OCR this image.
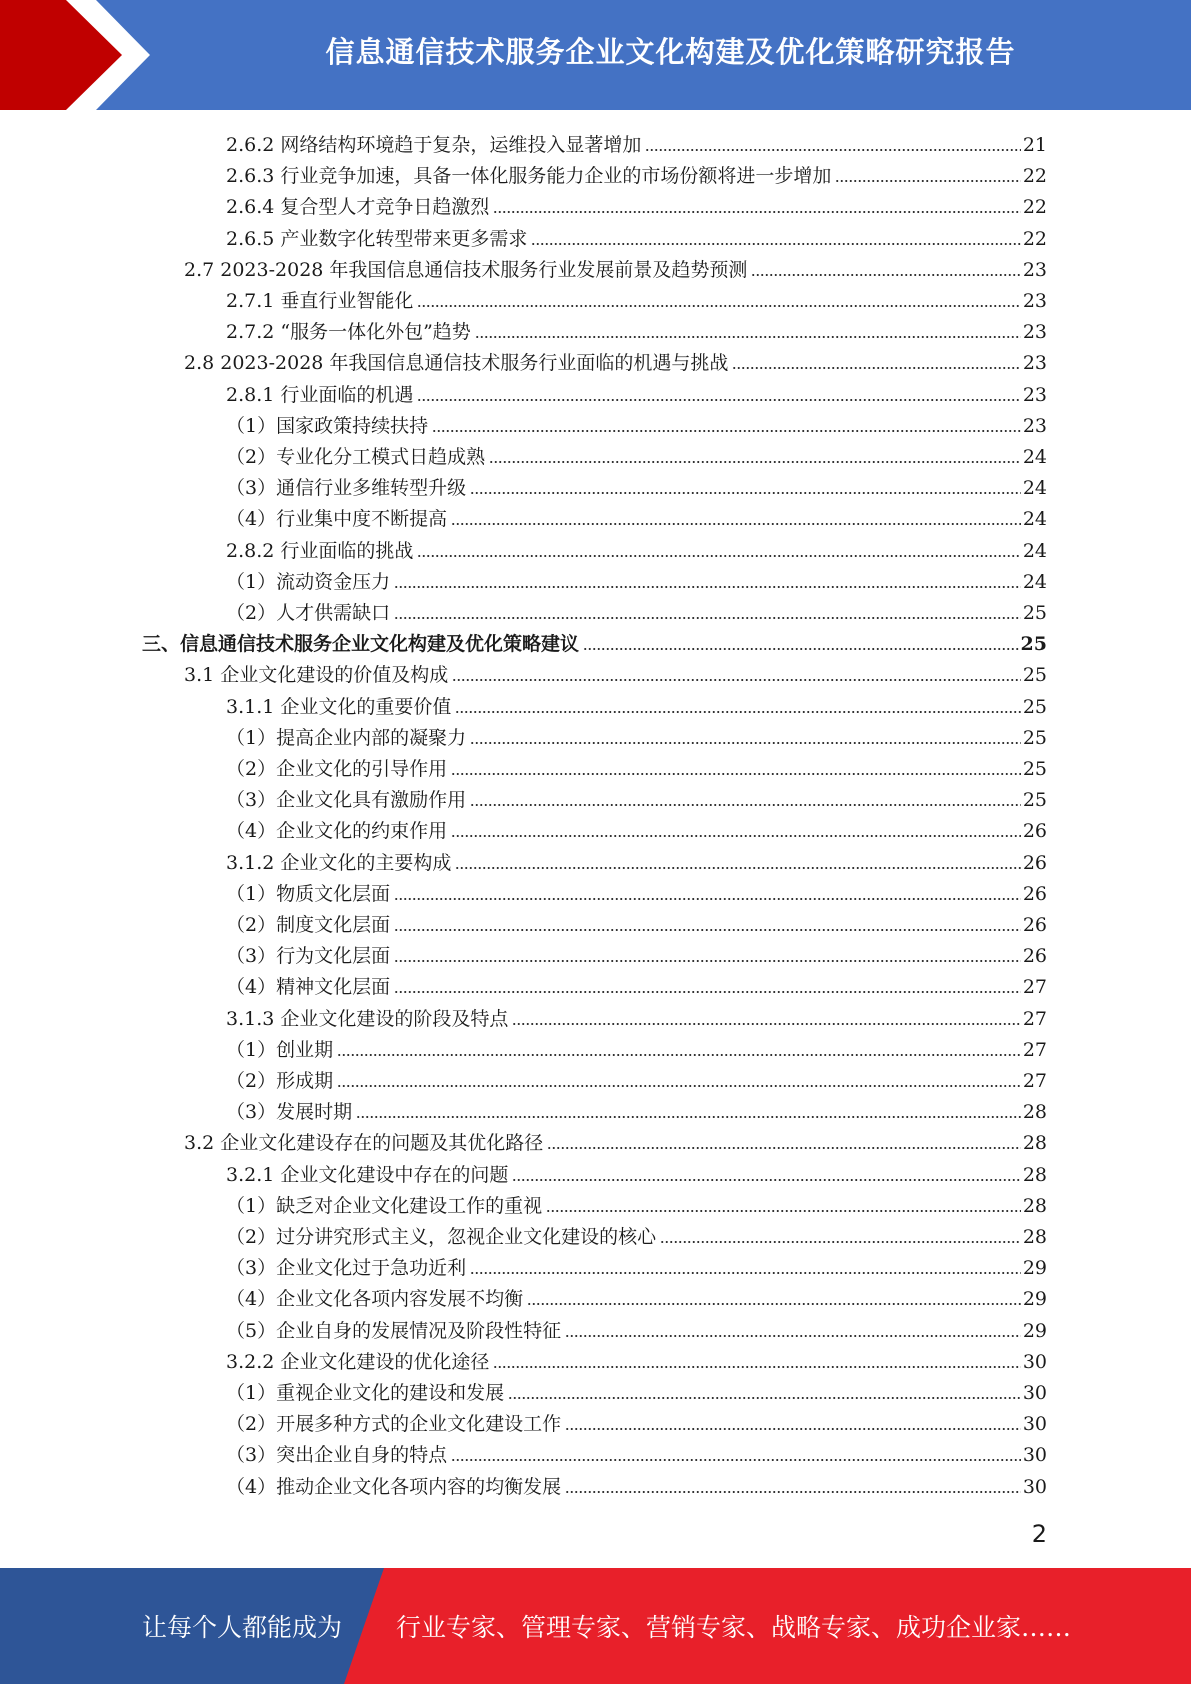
信息通信技术服务企业文化构建及优化策略研究报告
2.6.2 网络结构环境趋于复杂，运维投入显著增加	21
2.6.3 行业竞争加速，具备一体化服务能力企业的市场份额将进一步增加	22
2.6.4 复合型人才竞争日趋激烈	22
2.6.5 产业数字化转型带来更多需求	22
2.7 2023-2028 年我国信息通信技术服务行业发展前景及趋势预测	23
2.7.1 垂直行业智能化	23
2.7.2 “服务一体化外包”趋势	23
2.8 2023-2028 年我国信息通信技术服务行业面临的机遇与挑战	23
2.8.1 行业面临的机遇	23
（1）国家政策持续扶持	23
（2）专业化分工模式日趋成熟	24
（3）通信行业多维转型升级	24
（4）行业集中度不断提高	24
2.8.2 行业面临的挑战	24
（1）流动资金压力	24
（2）人才供需缺口	25
三、信息通信技术服务企业文化构建及优化策略建议	25
3.1 企业文化建设的价值及构成	25
3.1.1 企业文化的重要价值	25
（1）提高企业内部的凝聚力	25
（2）企业文化的引导作用	25
（3）企业文化具有激励作用	25
（4）企业文化的约束作用	26
3.1.2 企业文化的主要构成	26
（1）物质文化层面	26
（2）制度文化层面	26
（3）行为文化层面	26
（4）精神文化层面	27
3.1.3 企业文化建设的阶段及特点	27
（1）创业期	27
（2）形成期	27
（3）发展时期	28
3.2 企业文化建设存在的问题及其优化路径	28
3.2.1 企业文化建设中存在的问题	28
（1）缺乏对企业文化建设工作的重视	28
（2）过分讲究形式主义，忽视企业文化建设的核心	28
（3）企业文化过于急功近利	29
（4）企业文化各项内容发展不均衡	29
（5）企业自身的发展情况及阶段性特征	29
3.2.2 企业文化建设的优化途径	30
（1）重视企业文化的建设和发展	30
（2）开展多种方式的企业文化建设工作	30
（3）突出企业自身的特点	30
（4）推动企业文化各项内容的均衡发展	30
2
让每个人都能成为 行业专家、管理专家、营销专家、战略专家、成功企业家……
